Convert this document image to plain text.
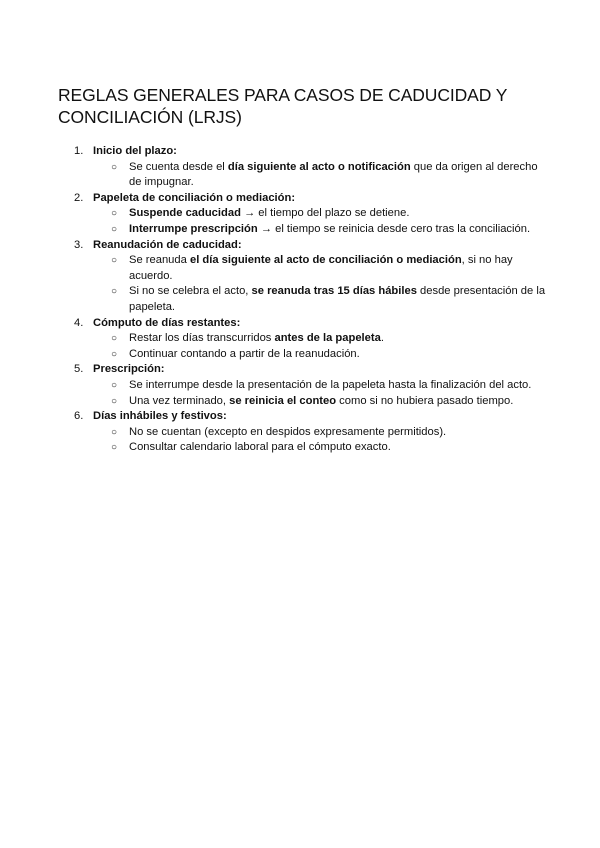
REGLAS GENERALES PARA CASOS DE CADUCIDAD Y CONCILIACIÓN (LRJS)
1. Inicio del plazo:
○ Se cuenta desde el día siguiente al acto o notificación que da origen al derecho de impugnar.
2. Papeleta de conciliación o mediación:
○ Suspende caducidad → el tiempo del plazo se detiene.
○ Interrumpe prescripción → el tiempo se reinicia desde cero tras la conciliación.
3. Reanudación de caducidad:
○ Se reanuda el día siguiente al acto de conciliación o mediación, si no hay acuerdo.
○ Si no se celebra el acto, se reanuda tras 15 días hábiles desde presentación de la papeleta.
4. Cómputo de días restantes:
○ Restar los días transcurridos antes de la papeleta.
○ Continuar contando a partir de la reanudación.
5. Prescripción:
○ Se interrumpe desde la presentación de la papeleta hasta la finalización del acto.
○ Una vez terminado, se reinicia el conteo como si no hubiera pasado tiempo.
6. Días inhábiles y festivos:
○ No se cuentan (excepto en despidos expresamente permitidos).
○ Consultar calendario laboral para el cómputo exacto.
